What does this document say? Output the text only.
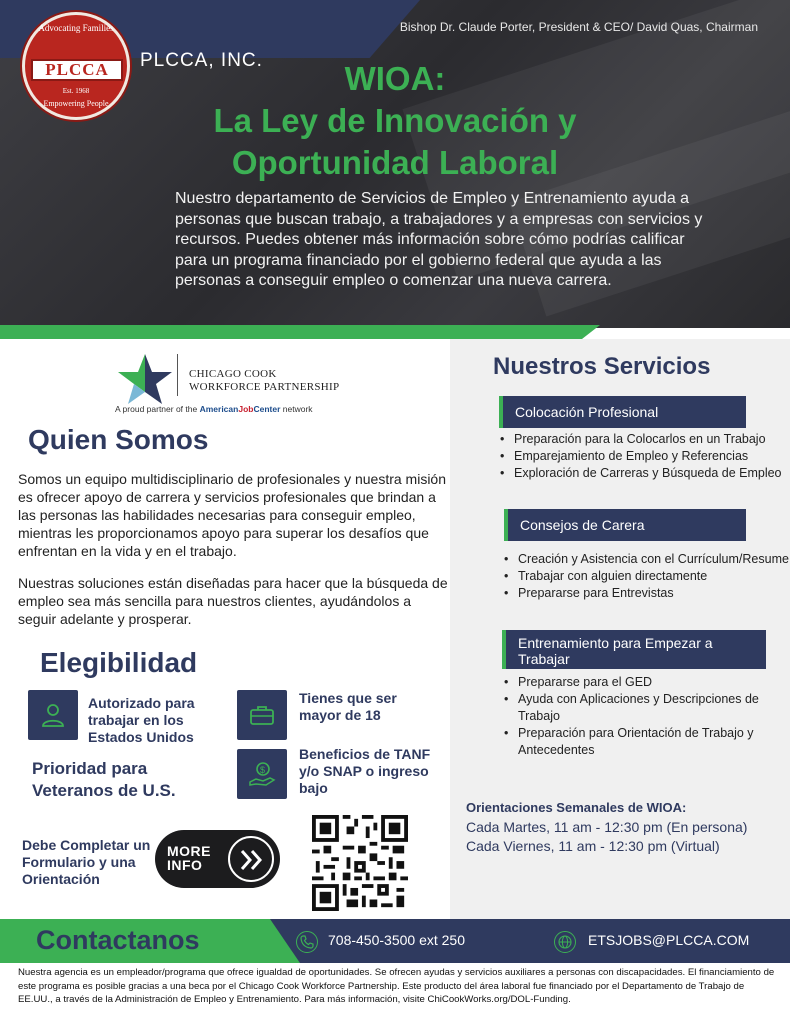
Bishop Dr. Claude Porter, President & CEO/ David Quas, Chairman
Advocating Families
PLCCA
Est. 1968
Empowering People
PLCCA, INC.	WIOA:
La Ley de Innovación y
Oportunidad Laboral
Nuestro departamento de Servicios de Empleo y Entrenamiento ayuda a personas que buscan trabajo, a trabajadores y a empresas con servicios y recursos. Puedes obtener más información sobre cómo podrías calificar para un programa financiado por el gobierno federal que ayuda a las personas a conseguir empleo o comenzar una nueva carrera.
CHICAGO COOK
WORKFORCE PARTNERSHIP
A proud partner of the AmericanJobCenter network
Quien Somos
Somos un equipo multidisciplinario de profesionales y nuestra misión es ofrecer apoyo de carrera y servicios profesionales que brindan a las personas las habilidades necesarias para conseguir empleo, mientras les proporcionamos apoyo para superar los desafíos que enfrentan en la vida y en el trabajo.
Nuestras soluciones están diseñadas para hacer que la búsqueda de empleo sea más sencilla para nuestros clientes, ayudándolos a seguir adelante y prosperar.
Elegibilidad
Autorizado para trabajar en los Estados Unidos
Tienes que ser mayor de 18
$
Beneficios de TANF y/o SNAP o ingreso bajo
Prioridad para Veteranos de U.S.
Debe Completar un Formulario y una Orientación
MORE
INFO
Nuestros Servicios
Colocación Profesional
• Preparación para la Colocarlos en un Trabajo
• Emparejamiento de Empleo y Referencias
• Exploración de Carreras y Búsqueda de Empleo
Consejos de Carera
• Creación y Asistencia con el Currículum/Resume
• Trabajar con alguien directamente
• Prepararse para Entrevistas
Entrenamiento para Empezar a Trabajar
• Prepararse para el GED
• Ayuda con Aplicaciones y Descripciones de Trabajo
• Preparación para Orientación de Trabajo y Antecedentes
Orientaciones Semanales de WIOA:
Cada Martes, 11 am - 12:30 pm (En persona)
Cada Viernes, 11 am - 12:30 pm (Virtual)
Contactanos	708-450-3500 ext 250	ETSJOBS@PLCCA.COM
Nuestra agencia es un empleador/programa que ofrece igualdad de oportunidades. Se ofrecen ayudas y servicios auxiliares a personas con discapacidades. El financiamiento de este programa es posible gracias a una beca por el Chicago Cook Workforce Partnership. Este producto del área laboral fue financiado por el Departamento de Trabajo de EE.UU., a través de la Administración de Empleo y Entrenamiento. Para más información, visite ChiCookWorks.org/DOL-Funding.
